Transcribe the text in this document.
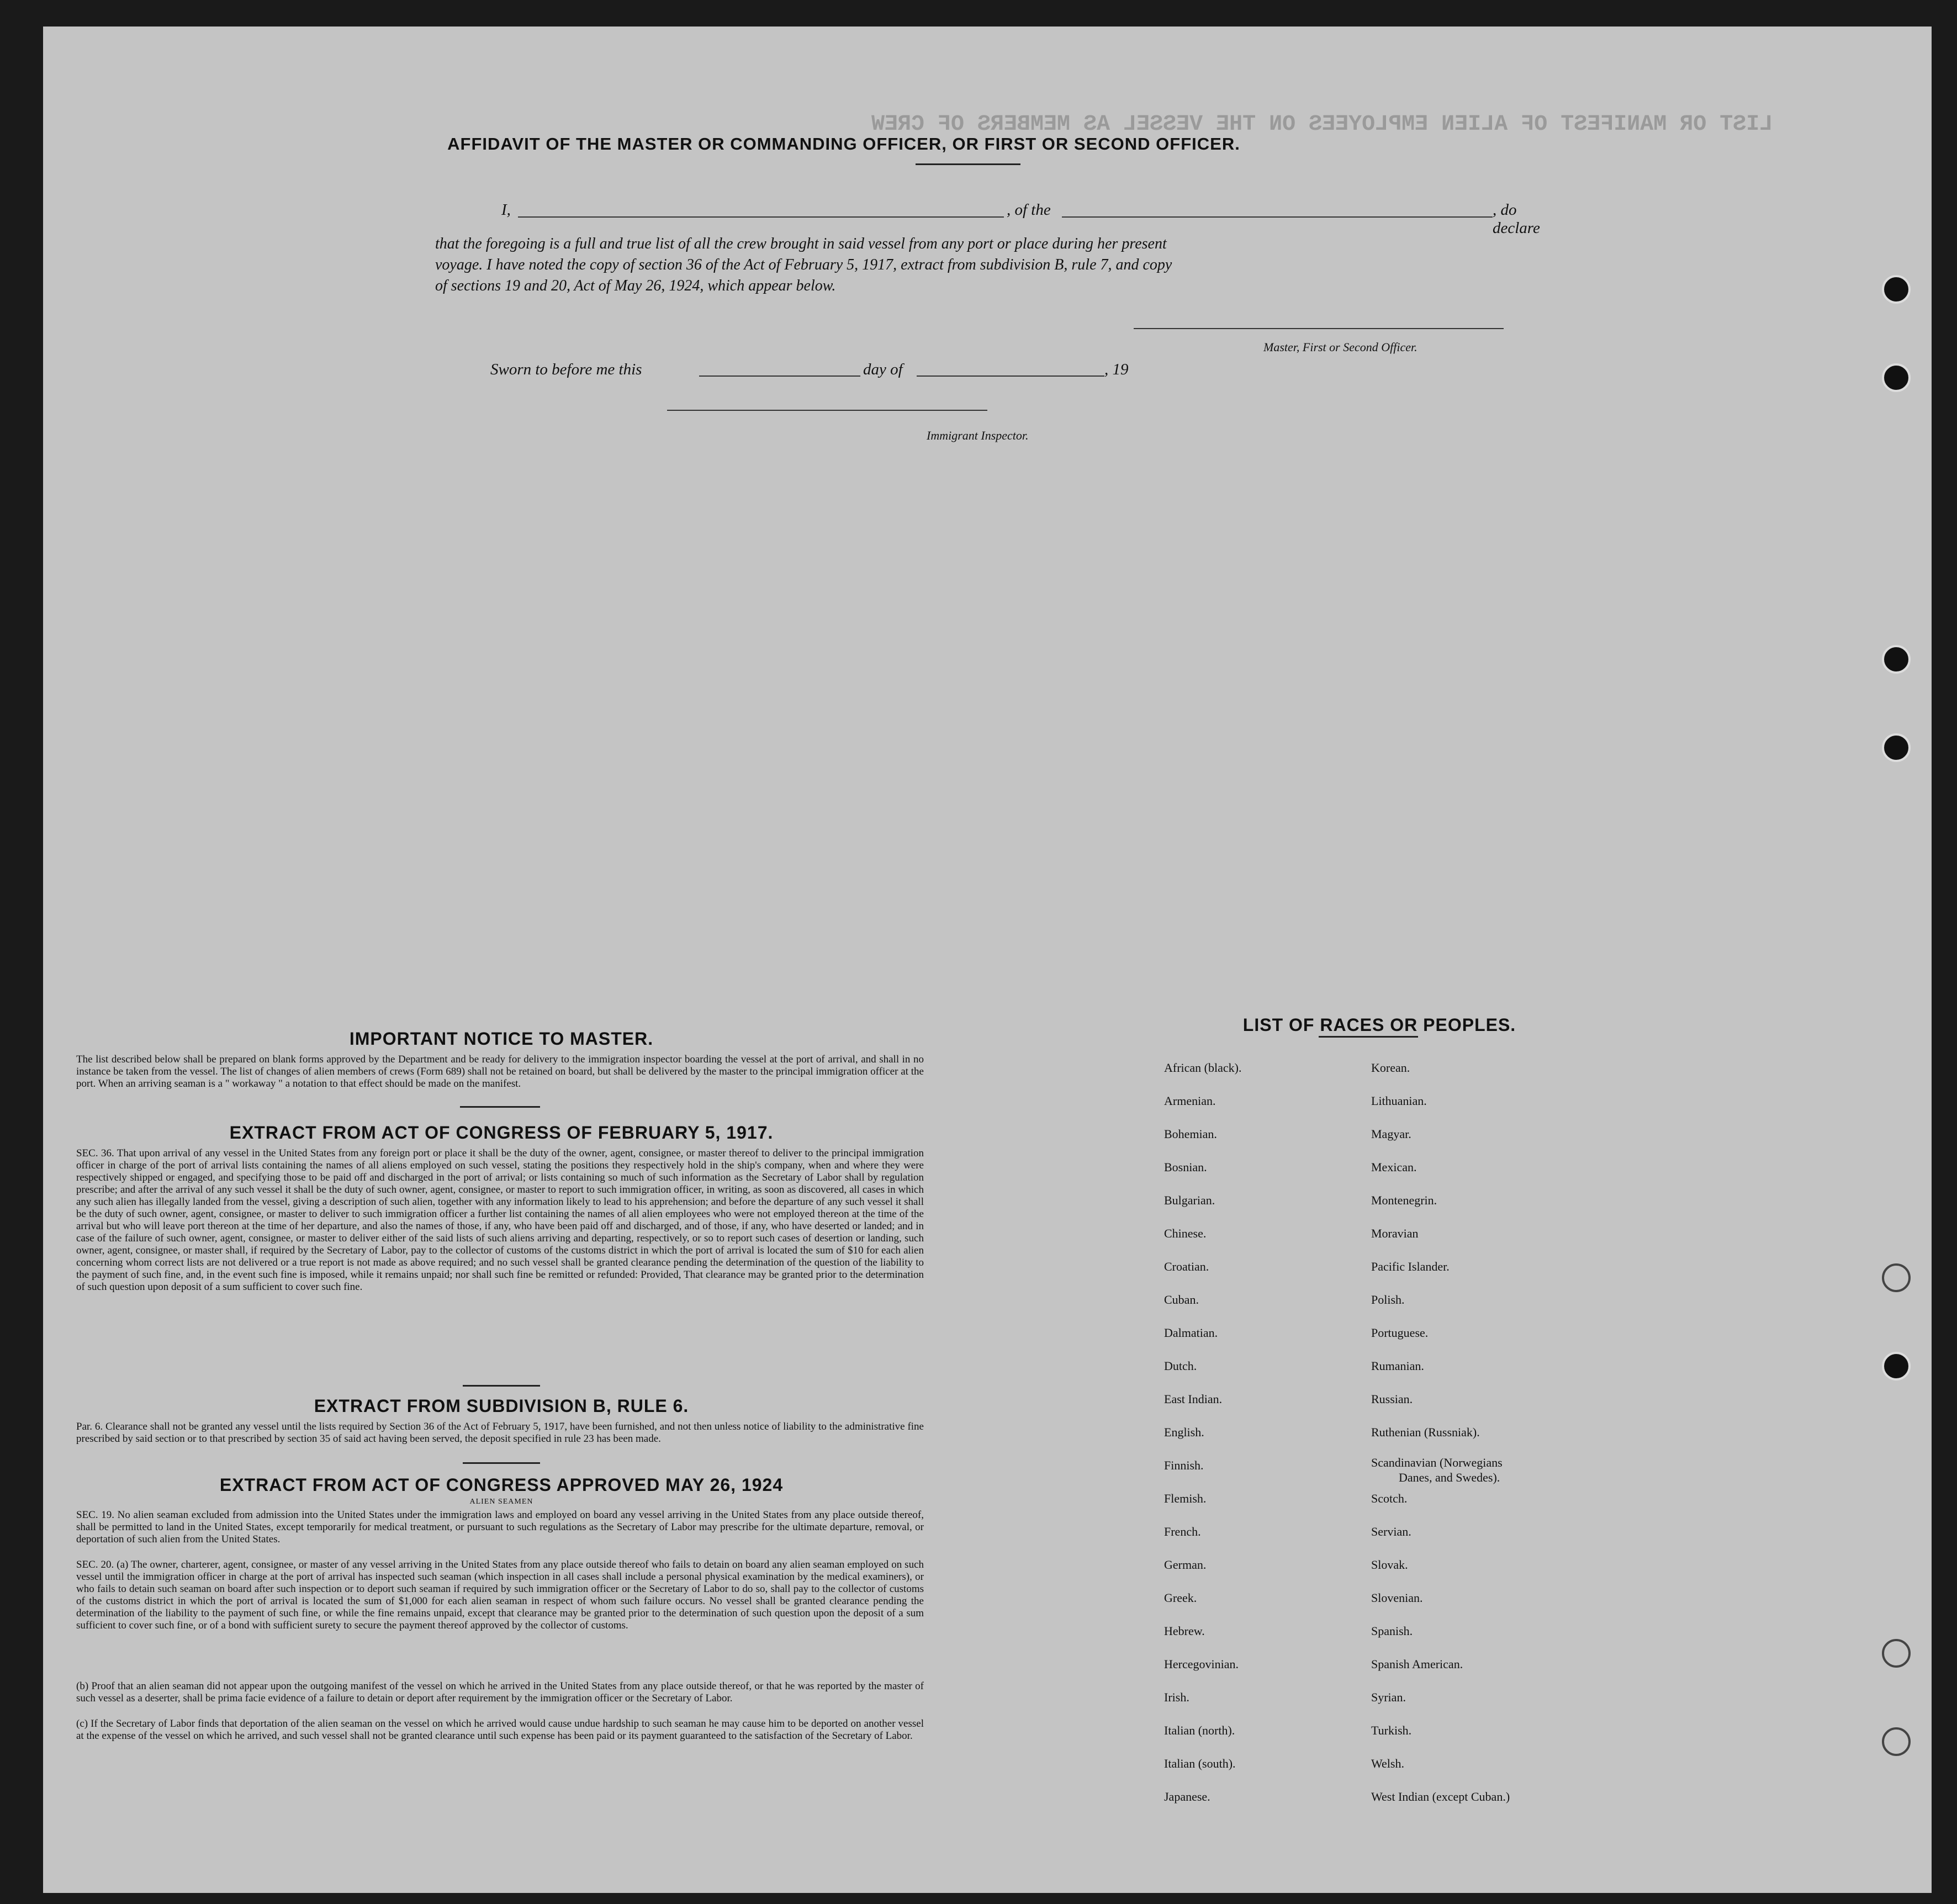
LIST OR MANIFEST OF ALIEN EMPLOYEES ON THE VESSEL AS MEMBERS OF CREW
AFFIDAVIT OF THE MASTER OR COMMANDING OFFICER, OR FIRST OR SECOND OFFICER.
I,	, of the	, do declare
that the foregoing is a full and true list of all the crew brought in said vessel from any port or place during her present
voyage. I have noted the copy of section 36 of the Act of February 5, 1917, extract from subdivision B, rule 7, and copy
of sections 19 and 20, Act of May 26, 1924, which appear below.
Master, First or Second Officer.
Sworn to before me this	day of	, 19
Immigrant Inspector.
IMPORTANT NOTICE TO MASTER.
The list described below shall be prepared on blank forms approved by the Department and be ready for delivery to the immigration inspector boarding the vessel at the port of arrival, and shall in no instance be taken from the vessel. The list of changes of alien members of crews (Form 689) shall not be retained on board, but shall be delivered by the master to the principal immigration officer at the port. When an arriving seaman is a " workaway " a notation to that effect should be made on the manifest.
EXTRACT FROM ACT OF CONGRESS OF FEBRUARY 5, 1917.
SEC. 36. That upon arrival of any vessel in the United States from any foreign port or place it shall be the duty of the owner, agent, consignee, or master thereof to deliver to the principal immigration officer in charge of the port of arrival lists containing the names of all aliens employed on such vessel, stating the positions they respectively hold in the ship's company, when and where they were respectively shipped or engaged, and specifying those to be paid off and discharged in the port of arrival; or lists containing so much of such information as the Secretary of Labor shall by regulation prescribe; and after the arrival of any such vessel it shall be the duty of such owner, agent, consignee, or master to report to such immigration officer, in writing, as soon as discovered, all cases in which any such alien has illegally landed from the vessel, giving a description of such alien, together with any information likely to lead to his apprehension; and before the departure of any such vessel it shall be the duty of such owner, agent, consignee, or master to deliver to such immigration officer a further list containing the names of all alien employees who were not employed thereon at the time of the arrival but who will leave port thereon at the time of her departure, and also the names of those, if any, who have been paid off and discharged, and of those, if any, who have deserted or landed; and in case of the failure of such owner, agent, consignee, or master to deliver either of the said lists of such aliens arriving and departing, respectively, or so to report such cases of desertion or landing, such owner, agent, consignee, or master shall, if required by the Secretary of Labor, pay to the collector of customs of the customs district in which the port of arrival is located the sum of $10 for each alien concerning whom correct lists are not delivered or a true report is not made as above required; and no such vessel shall be granted clearance pending the determination of the question of the liability to the payment of such fine, and, in the event such fine is imposed, while it remains unpaid; nor shall such fine be remitted or refunded: Provided, That clearance may be granted prior to the determination of such question upon deposit of a sum sufficient to cover such fine.
EXTRACT FROM SUBDIVISION B, RULE 6.
Par. 6. Clearance shall not be granted any vessel until the lists required by Section 36 of the Act of February 5, 1917, have been furnished, and not then unless notice of liability to the administrative fine prescribed by said section or to that prescribed by section 35 of said act having been served, the deposit specified in rule 23 has been made.
EXTRACT FROM ACT OF CONGRESS APPROVED MAY 26, 1924
ALIEN SEAMEN
SEC. 19. No alien seaman excluded from admission into the United States under the immigration laws and employed on board any vessel arriving in the United States from any place outside thereof, shall be permitted to land in the United States, except temporarily for medical treatment, or pursuant to such regulations as the Secretary of Labor may prescribe for the ultimate departure, removal, or deportation of such alien from the United States.
SEC. 20. (a) The owner, charterer, agent, consignee, or master of any vessel arriving in the United States from any place outside thereof who fails to detain on board any alien seaman employed on such vessel until the immigration officer in charge at the port of arrival has inspected such seaman (which inspection in all cases shall include a personal physical examination by the medical examiners), or who fails to detain such seaman on board after such inspection or to deport such seaman if required by such immigration officer or the Secretary of Labor to do so, shall pay to the collector of customs of the customs district in which the port of arrival is located the sum of $1,000 for each alien seaman in respect of whom such failure occurs. No vessel shall be granted clearance pending the determination of the liability to the payment of such fine, or while the fine remains unpaid, except that clearance may be granted prior to the determination of such question upon the deposit of a sum sufficient to cover such fine, or of a bond with sufficient surety to secure the payment thereof approved by the collector of customs.
(b) Proof that an alien seaman did not appear upon the outgoing manifest of the vessel on which he arrived in the United States from any place outside thereof, or that he was reported by the master of such vessel as a deserter, shall be prima facie evidence of a failure to detain or deport after requirement by the immigration officer or the Secretary of Labor.
(c) If the Secretary of Labor finds that deportation of the alien seaman on the vessel on which he arrived would cause undue hardship to such seaman he may cause him to be deported on another vessel at the expense of the vessel on which he arrived, and such vessel shall not be granted clearance until such expense has been paid or its payment guaranteed to the satisfaction of the Secretary of Labor.
LIST OF RACES OR PEOPLES.
African (black).
Armenian.
Bohemian.
Bosnian.
Bulgarian.
Chinese.
Croatian.
Cuban.
Dalmatian.
Dutch.
East Indian.
English.
Finnish.
Flemish.
French.
German.
Greek.
Hebrew.
Hercegovinian.
Irish.
Italian (north).
Italian (south).
Japanese.
Korean.
Lithuanian.
Magyar.
Mexican.
Montenegrin.
Moravian
Pacific Islander.
Polish.
Portuguese.
Rumanian.
Russian.
Ruthenian (Russniak).
Scandinavian (Norwegians
Danes, and Swedes).
Scotch.
Servian.
Slovak.
Slovenian.
Spanish.
Spanish American.
Syrian.
Turkish.
Welsh.
West Indian (except Cuban.)
